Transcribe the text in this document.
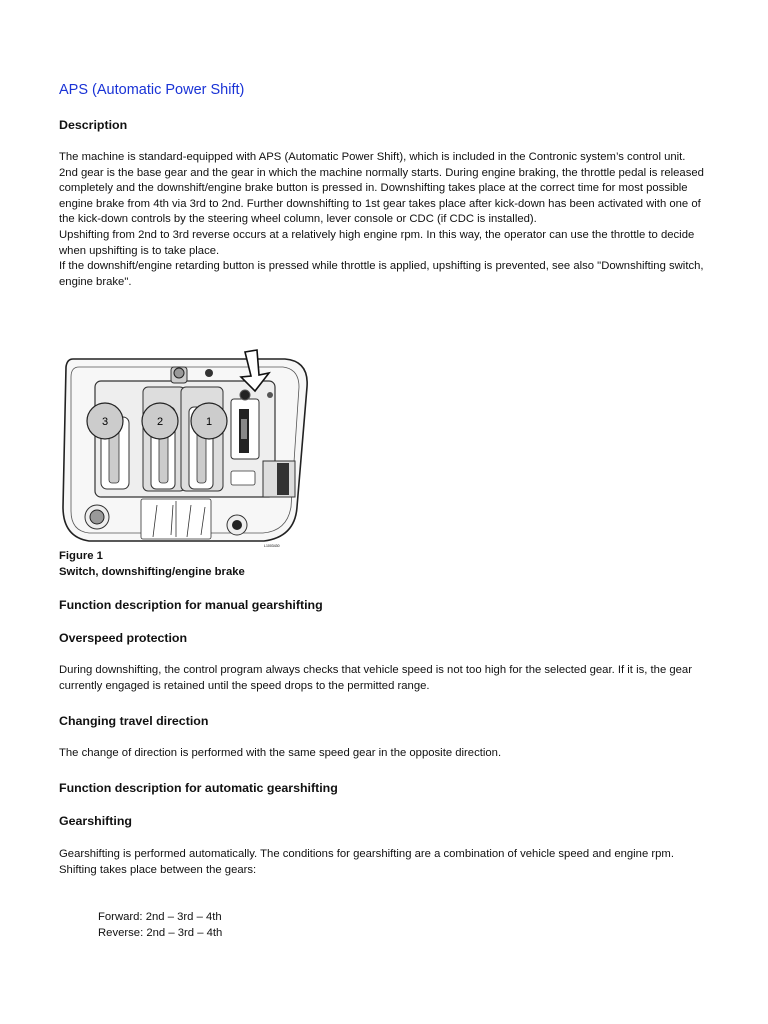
APS (Automatic Power Shift)
Description
The machine is standard-equipped with APS (Automatic Power Shift), which is included in the Contronic system’s control unit.
2nd gear is the base gear and the gear in which the machine normally starts. During engine braking, the throttle pedal is released completely and the downshift/engine brake button is pressed in. Downshifting takes place at the correct time for most possible engine brake from 4th via 3rd to 2nd. Further downshifting to 1st gear takes place after kick-down has been activated with one of the kick-down controls by the steering wheel column, lever console or CDC (if CDC is installed).
Upshifting from 2nd to 3rd reverse occurs at a relatively high engine rpm. In this way, the operator can use the throttle to decide when upshifting is to take place.
If the downshift/engine retarding button is pressed while throttle is applied, upshifting is prevented, see also "Downshifting switch, engine brake".
3	2	1
L1003430
Figure 1
Switch, downshifting/engine brake
Function description for manual gearshifting
Overspeed protection
During downshifting, the control program always checks that vehicle speed is not too high for the selected gear. If it is, the gear currently engaged is retained until the speed drops to the permitted range.
Changing travel direction
The change of direction is performed with the same speed gear in the opposite direction.
Function description for automatic gearshifting
Gearshifting
Gearshifting is performed automatically. The conditions for gearshifting are a combination of vehicle speed and engine rpm.
Shifting takes place between the gears:
Forward: 2nd – 3rd – 4th
Reverse: 2nd – 3rd – 4th
